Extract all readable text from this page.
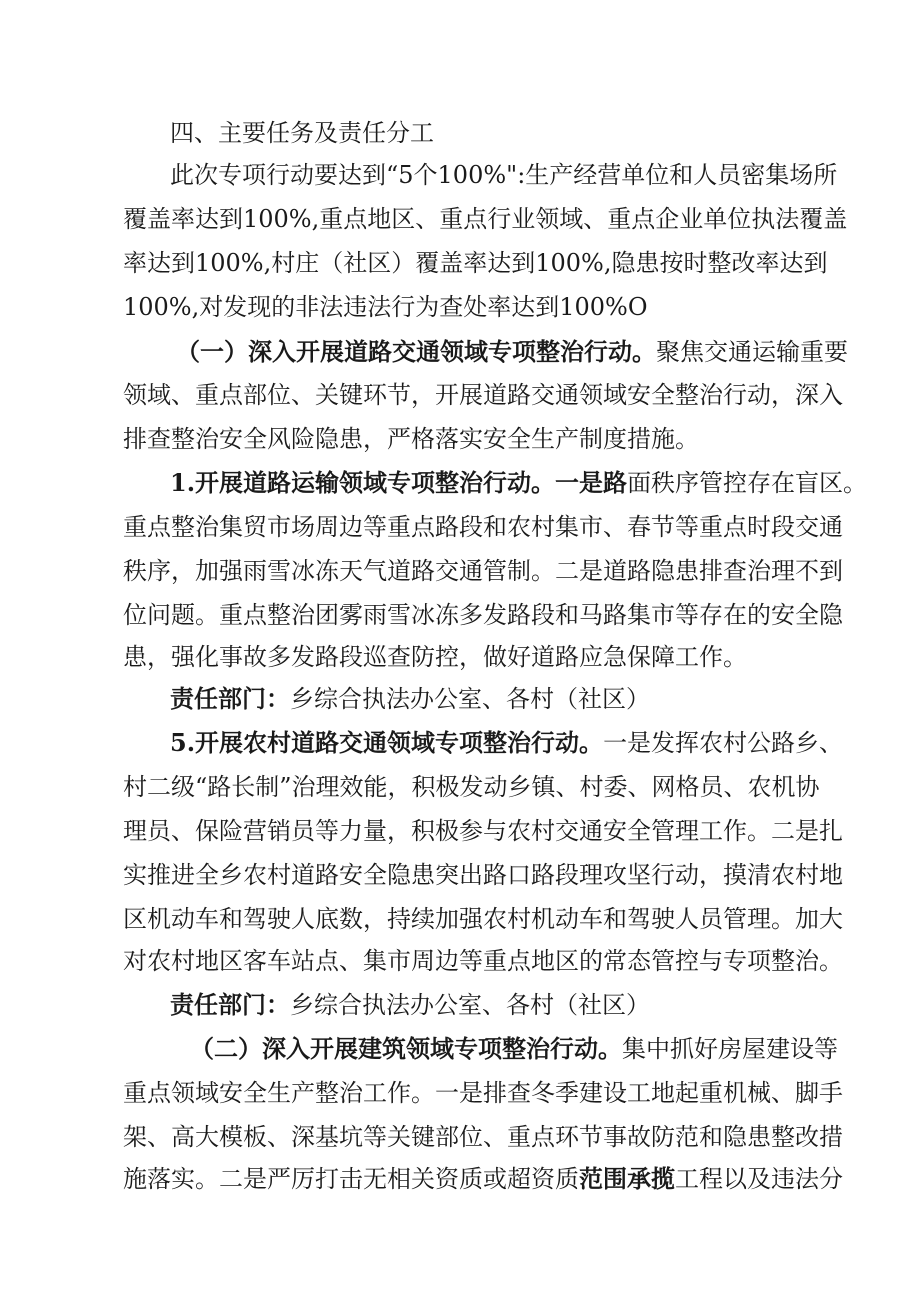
四、主要任务及责任分工
此次专项行动要达到“5个100%":生产经营单位和人员密集场所
覆盖率达到100%,重点地区、重点行业领域、重点企业单位执法覆盖
率达到100%,村庄（社区）覆盖率达到100%,隐患按时整改率达到
100%,对发现的非法违法行为查处率达到100%O
（一）深入开展道路交通领域专项整治行动。聚焦交通运输重要
领域、重点部位、关键环节，开展道路交通领域安全整治行动，深入
排查整治安全风险隐患，严格落实安全生产制度措施。
1.开展道路运输领域专项整治行动。一是路面秩序管控存在盲区。
重点整治集贸市场周边等重点路段和农村集市、春节等重点时段交通
秩序，加强雨雪冰冻天气道路交通管制。二是道路隐患排查治理不到
位问题。重点整治团雾雨雪冰冻多发路段和马路集市等存在的安全隐
患，强化事故多发路段巡查防控，做好道路应急保障工作。
责任部门：乡综合执法办公室、各村（社区）
5.开展农村道路交通领域专项整治行动。一是发挥农村公路乡、
村二级“路长制”治理效能，积极发动乡镇、村委、网格员、农机协
理员、保险营销员等力量，积极参与农村交通安全管理工作。二是扎
实推进全乡农村道路安全隐患突出路口路段理攻坚行动，摸清农村地
区机动车和驾驶人底数，持续加强农村机动车和驾驶人员管理。加大
对农村地区客车站点、集市周边等重点地区的常态管控与专项整治。
责任部门：乡综合执法办公室、各村（社区）
（二）深入开展建筑领域专项整治行动。集中抓好房屋建设等
重点领域安全生产整治工作。一是排查冬季建设工地起重机械、脚手
架、高大模板、深基坑等关键部位、重点环节事故防范和隐患整改措
施落实。二是严厉打击无相关资质或超资质范围承揽工程以及违法分
